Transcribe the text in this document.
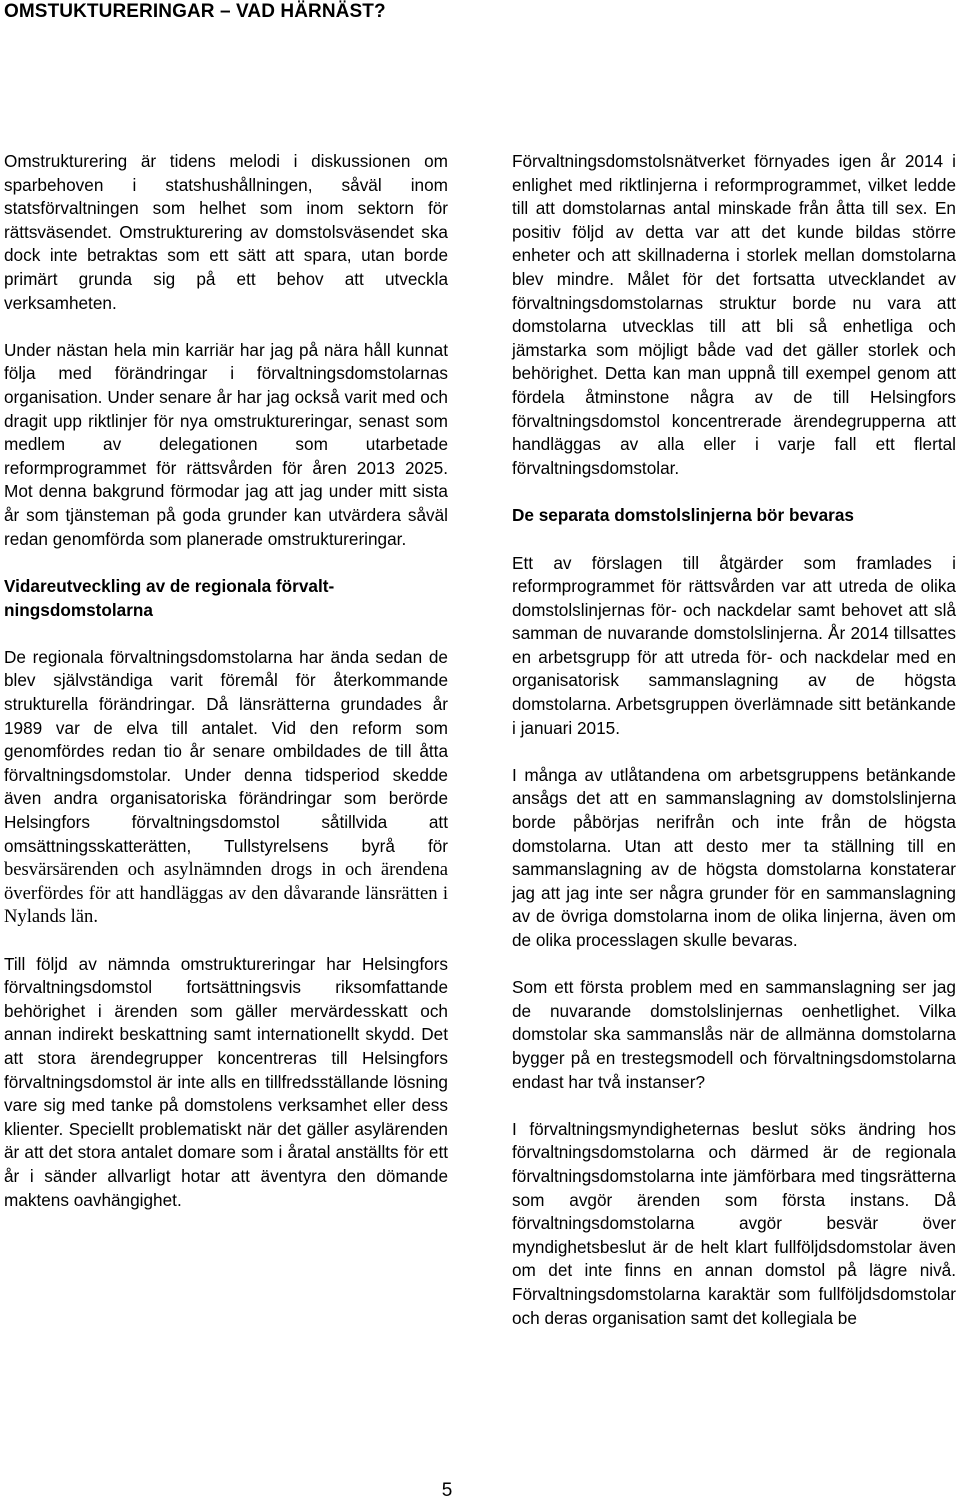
OMSTUKTURERINGAR – VAD HÄRNÄST?

Omstrukturering är tidens melodi i diskussionen om sparbehoven i statshushållningen, såväl inom statsförvaltningen som helhet som inom sektorn för rättsväsendet. Omstrukturering av domstolsväsendet ska dock inte betraktas som ett sätt att spara, utan borde primärt grunda sig på ett behov att utveckla verksamheten.

Under nästan hela min karriär har jag på nära håll kunnat följa med förändringar i förvaltningsdomstolarnas organisation. Under senare år har jag också varit med och dragit upp riktlinjer för nya omstruktureringar, senast som medlem av delegationen som utarbetade reformprogrammet för rättsvården för åren 2013 2025. Mot denna bakgrund förmodar jag att jag under mitt sista år som tjänsteman på goda grunder kan utvärdera såväl redan genomförda som planerade omstruktureringar.

Vidareutveckling av de regionala förvaltningsdomstolarna

De regionala förvaltningsdomstolarna har ända sedan de blev självständiga varit föremål för återkommande strukturella förändringar. Då länsrätterna grundades år 1989 var de elva till antalet. Vid den reform som genomfördes redan tio år senare ombildades de till åtta förvaltningsdomstolar. Under denna tidsperiod skedde även andra organisatoriska förändringar som berörde Helsingfors förvaltningsdomstol såtillvida att omsättningsskatterätten, Tullstyrelsens byrå för besvärsärenden och asylnämnden drogs in och ärendena överfördes för att handläggas av den dåvarande länsrätten i Nylands län.

Till följd av nämnda omstruktureringar har Helsingfors förvaltningsdomstol fortsättningsvis riksomfattande behörighet i ärenden som gäller mervärdesskatt och annan indirekt beskattning samt internationellt skydd. Det att stora ärendegrupper koncentreras till Helsingfors förvaltningsdomstol är inte alls en tillfredsställande lösning vare sig med tanke på domstolens verksamhet eller dess klienter. Speciellt problematiskt när det gäller asylärenden är att det stora antalet domare som i åratal anställts för ett år i sänder allvarligt hotar att äventyra den dömande maktens oavhängighet.

Förvaltningsdomstolsnätverket förnyades igen år 2014 i enlighet med riktlinjerna i reformprogrammet, vilket ledde till att domstolarnas antal minskade från åtta till sex. En positiv följd av detta var att det kunde bildas större enheter och att skillnaderna i storlek mellan domstolarna blev mindre. Målet för det fortsatta utvecklandet av förvaltningsdomstolarnas struktur borde nu vara att domstolarna utvecklas till att bli så enhetliga och jämstarka som möjligt både vad det gäller storlek och behörighet. Detta kan man uppnå till exempel genom att fördela åtminstone några av de till Helsingfors förvaltningsdomstol koncentrerade ärendegrupperna att handläggas av alla eller i varje fall ett flertal förvaltningsdomstolar.

De separata domstolslinjerna bör bevaras

Ett av förslagen till åtgärder som framlades i reformprogrammet för rättsvården var att utreda de olika domstolslinjernas för- och nackdelar samt behovet att slå samman de nuvarande domstolslinjerna. År 2014 tillsattes en arbetsgrupp för att utreda för- och nackdelar med en organisatorisk sammanslagning av de högsta domstolarna. Arbetsgruppen överlämnade sitt betänkande i januari 2015.

I många av utlåtandena om arbetsgruppens betänkande ansågs det att en sammanslagning av domstolslinjerna borde påbörjas nerifrån och inte från de högsta domstolarna. Utan att desto mer ta ställning till en sammanslagning av de högsta domstolarna konstaterar jag att jag inte ser några grunder för en sammanslagning av de övriga domstolarna inom de olika linjerna, även om de olika processlagen skulle bevaras.

Som ett första problem med en sammanslagning ser jag de nuvarande domstolslinjernas oenhetlighet. Vilka domstolar ska sammanslås när de allmänna domstolarna bygger på en trestegsmodell och förvaltningsdomstolarna endast har två instanser?

I förvaltningsmyndigheternas beslut söks ändring hos förvaltningsdomstolarna och därmed är de regionala förvaltningsdomstolarna inte jämförbara med tingsrätterna som avgör ärenden som första instans. Då förvaltningsdomstolarna avgör besvär över myndighetsbeslut är de helt klart fullföljdsdomstolar även om det inte finns en annan domstol på lägre nivå. Förvaltningsdomstolarna karaktär som fullföljdsdomstolar och deras organisation samt det kollegiala be

5
